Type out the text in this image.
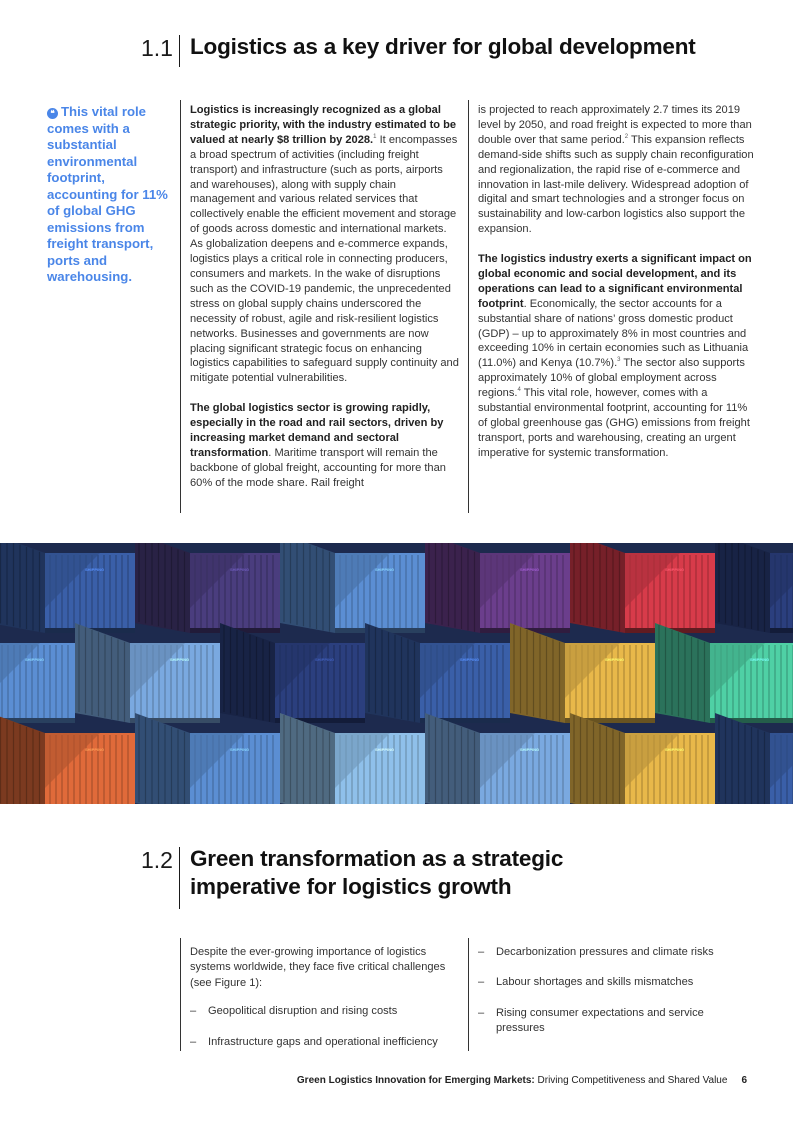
1.1 Logistics as a key driver for global development
❝ This vital role comes with a substantial environmental footprint, accounting for 11% of global GHG emissions from freight transport, ports and warehousing.

Logistics is increasingly recognized as a global strategic priority, with the industry estimated to be valued at nearly $8 trillion by 2028.$^1$ It encompasses a broad spectrum of activities (including freight transport) and infrastructure (such as ports, airports and warehouses), along with supply chain management and various related services that collectively enable the efficient movement and storage of goods across domestic and international markets. As globalization deepens and e-commerce expands, logistics plays a critical role in connecting producers, consumers and markets. In the wake of disruptions such as the COVID-19 pandemic, the unprecedented stress on global supply chains underscored the necessity of robust, agile and risk-resilient logistics networks. Businesses and governments are now placing significant strategic focus on enhancing logistics capabilities to safeguard supply continuity and mitigate potential vulnerabilities.

The global logistics sector is growing rapidly, especially in the road and rail sectors, driven by increasing market demand and sectoral transformation. Maritime transport will remain the backbone of global freight, accounting for more than 60% of the mode share. Rail freight

is projected to reach approximately 2.7 times its 2019 level by 2050, and road freight is expected to more than double over that same period.$^2$ This expansion reflects demand-side shifts such as supply chain reconfiguration and regionalization, the rapid rise of e-commerce and innovation in last-mile delivery. Widespread adoption of digital and smart technologies and a stronger focus on sustainability and low-carbon logistics also support the expansion.

The logistics industry exerts a significant impact on global economic and social development, and its operations can lead to a significant environmental footprint. Economically, the sector accounts for a substantial share of nations’ gross domestic product (GDP) – up to approximately 8% in most countries and exceeding 10% in certain economies such as Lithuania (11.0%) and Kenya (10.7%).$^3$ The sector also supports approximately 10% of global employment across regions.$^4$ This vital role, however, comes with a substantial environmental footprint, accounting for 11% of global greenhouse gas (GHG) emissions from freight transport, ports and warehousing, creating an urgent imperative for systemic transformation.

SHIPPING	SHIPPING	SHIPPING	SHIPPING	SHIPPING
SHIPPING	SHIPPING	SHIPPING	SHIPPING	SHIPPING	SHIPPING
SHIPPING	SHIPPING	SHIPPING	SHIPPING	SHIPPING
1.2 Green transformation as a strategic
imperative for logistics growth
Despite the ever-growing importance of logistics systems worldwide, they face five critical challenges (see Figure 1):
– Geopolitical disruption and rising costs
– Infrastructure gaps and operational inefficiency
– Decarbonization pressures and climate risks
– Labour shortages and skills mismatches
– Rising consumer expectations and service pressures
Green Logistics Innovation for Emerging Markets: Driving Competitiveness and Shared Value 6
